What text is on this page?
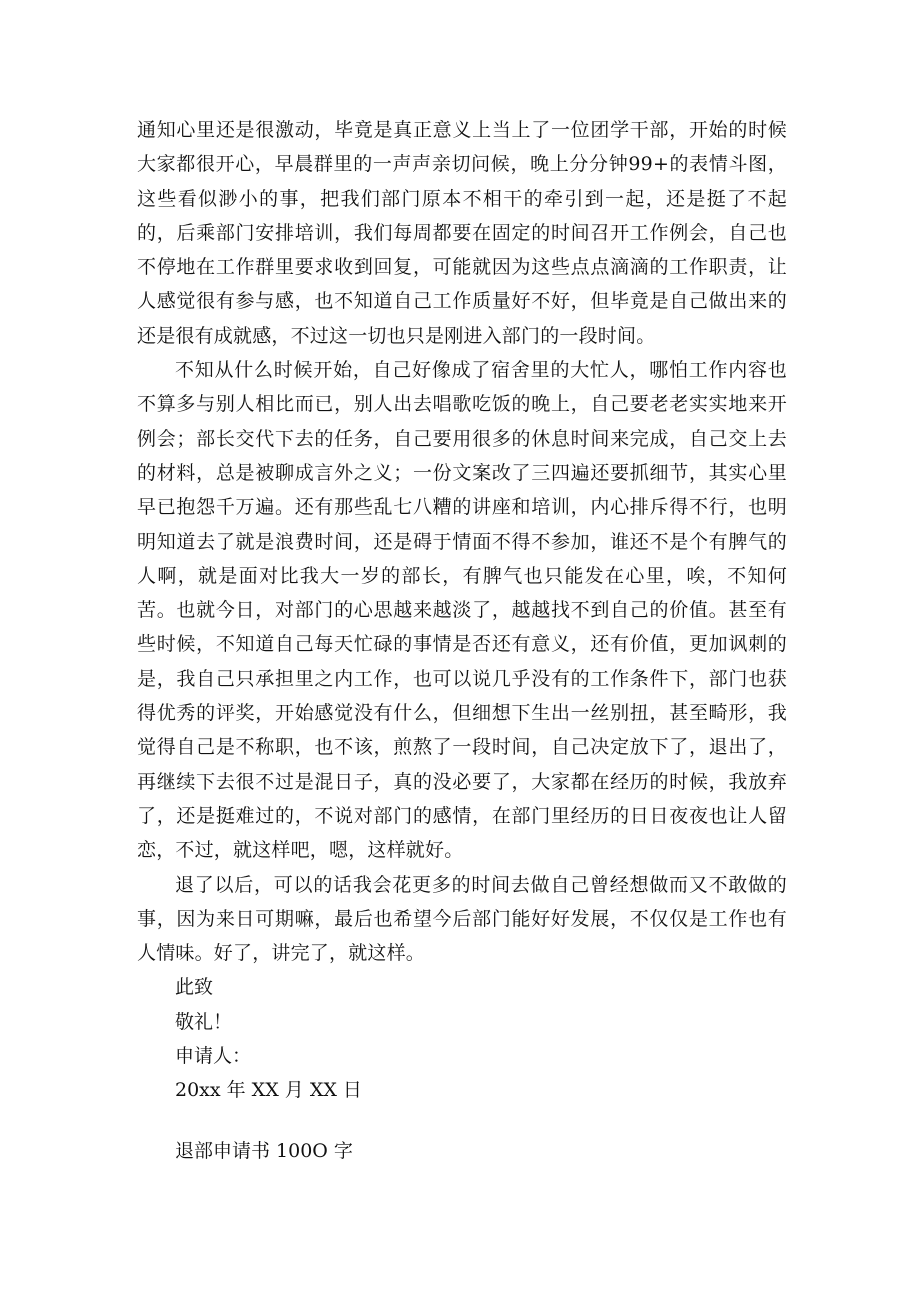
通知心里还是很激动，毕竟是真正意义上当上了一位团学干部，开始的时候大家都很开心，早晨群里的一声声亲切问候，晚上分分钟99+的表情斗图，这些看似渺小的事，把我们部门原本不相干的牵引到一起，还是挺了不起的，后乘部门安排培训，我们每周都要在固定的时间召开工作例会，自己也不停地在工作群里要求收到回复，可能就因为这些点点滴滴的工作职责，让人感觉很有参与感，也不知道自己工作质量好不好，但毕竟是自己做出来的还是很有成就感，不过这一切也只是刚进入部门的一段时间。

不知从什么时候开始，自己好像成了宿舍里的大忙人，哪怕工作内容也不算多与别人相比而已，别人出去唱歌吃饭的晚上，自己要老老实实地来开例会；部长交代下去的任务，自己要用很多的休息时间来完成，自己交上去的材料，总是被聊成言外之义；一份文案改了三四遍还要抓细节，其实心里早已抱怨千万遍。还有那些乱七八糟的讲座和培训，内心排斥得不行，也明明知道去了就是浪费时间，还是碍于情面不得不参加，谁还不是个有脾气的人啊，就是面对比我大一岁的部长，有脾气也只能发在心里，唉，不知何苦。也就今日，对部门的心思越来越淡了，越越找不到自己的价值。甚至有些时候，不知道自己每天忙碌的事情是否还有意义，还有价值，更加讽刺的是，我自己只承担里之内工作，也可以说几乎没有的工作条件下，部门也获得优秀的评奖，开始感觉没有什么，但细想下生出一丝别扭，甚至畸形，我觉得自己是不称职，也不该，煎熬了一段时间，自己决定放下了，退出了，再继续下去很不过是混日子，真的没必要了，大家都在经历的时候，我放弃了，还是挺难过的，不说对部门的感情，在部门里经历的日日夜夜也让人留恋，不过，就这样吧，嗯，这样就好。

退了以后，可以的话我会花更多的时间去做自己曾经想做而又不敢做的事，因为来日可期嘛，最后也希望今后部门能好好发展，不仅仅是工作也有人情味。好了，讲完了，就这样。

此致

敬礼！

申请人：

20xx 年 XX 月 XX 日

退部申请书 100O 字
